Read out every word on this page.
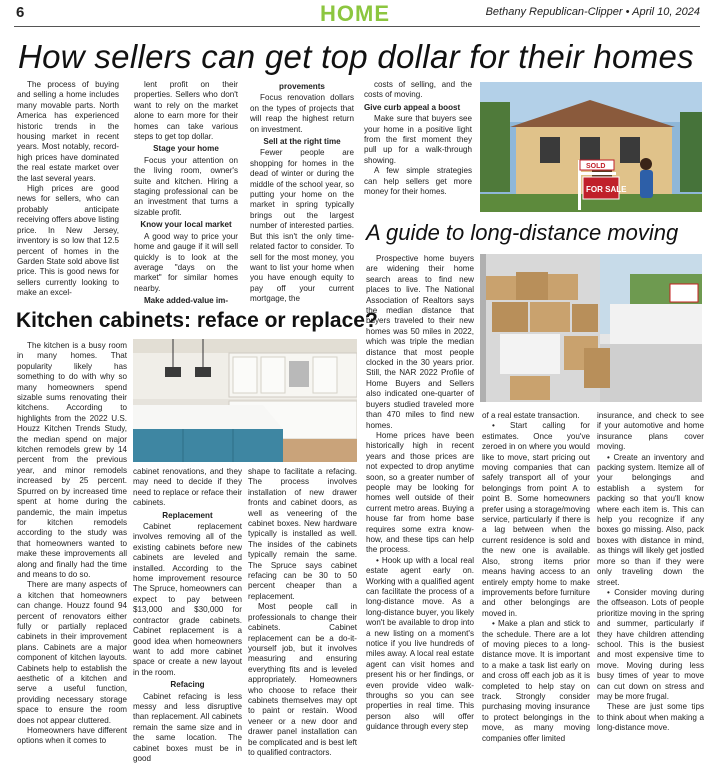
6	HOME	Bethany Republican-Clipper • April 10, 2024
How sellers can get top dollar for their homes

The process of buying and selling a home includes many movable parts. North America has experienced historic trends in the housing market in recent years. Most notably, record-high prices have dominated the real estate market over the last several years.

High prices are good news for sellers, who can probably anticipate receiving offers above listing price. In New Jersey, inventory is so low that 12.5 percent of homes in the Garden State sold above list price. This is good news for sellers currently looking to make an excel-

lent profit on their properties. Sellers who don't want to rely on the market alone to earn more for their homes can take various steps to get top dollar.

Stage your home

Focus your attention on the living room, owner's suite and kitchen. Hiring a staging professional can be an investment that turns a sizable profit.

Know your local market

A good way to price your home and gauge if it will sell quickly is to look at the average "days on the market" for similar homes nearby.

Make added-value im-

provements

Focus renovation dollars on the types of projects that will reap the highest return on investment.

Sell at the right time

Fewer people are shopping for homes in the dead of winter or during the middle of the school year, so putting your home on the market in spring typically brings out the largest number of interested parties. But this isn't the only time-related factor to consider. To sell for the most money, you want to list your home when you have enough equity to pay off your current mortgage, the

costs of selling, and the costs of moving.

Give curb appeal a boost

Make sure that buyers see your home in a positive light from the first moment they pull up for a walk-through showing.

A few simple strategies can help sellers get more money for their homes.

SOLD
FOR SALE
A guide to long-distance moving

Prospective home buyers are widening their home search areas to find new places to live. The National Association of Realtors says the median distance that buyers traveled to their new homes was 50 miles in 2022, which was triple the median distance that most people clocked in the 30 years prior. Still, the NAR 2022 Profile of Home Buyers and Sellers also indicated one-quarter of buyers studied traveled more than 470 miles to find new homes.

Home prices have been historically high in recent years and those prices are not expected to drop anytime soon, so a greater number of people may be looking for homes well outside of their current metro areas. Buying a house far from home base requires some extra know-how, and these tips can help the process.

• Hook up with a local real estate agent early on. Working with a qualified agent can facilitate the process of a long-distance move. As a long-distance buyer, you likely won't be available to drop into a new listing on a moment's notice if you live hundreds of miles away. A local real estate agent can visit homes and present his or her findings, or even provide video walk-throughs so you can see properties in real time. This person also will offer guidance through every step

of a real estate transaction.

• Start calling for estimates. Once you've zeroed in on where you would like to move, start pricing out moving companies that can safely transport all of your belongings from point A to point B. Some homeowners prefer using a storage/moving service, particularly if there is a lag between when the current residence is sold and the new one is available. Also, strong items prior means having access to an entirely empty home to make improvements before furniture and other belongings are moved in.

• Make a plan and stick to the schedule. There are a lot of moving pieces to a long-distance move. It is important to a make a task list early on and cross off each job as it is completed to help stay on track. Strongly consider purchasing moving insurance to protect belongings in the move, as many moving companies offer limited

insurance, and check to see if your automotive and home insurance plans cover moving.

• Create an inventory and packing system. Itemize all of your belongings and establish a system for packing so that you'll know where each item is. This can help you recognize if any boxes go missing. Also, pack boxes with distance in mind, as things will likely get jostled more so than if they were only traveling down the street.

• Consider moving during the offseason. Lots of people prioritize moving in the spring and summer, particularly if they have children attending school. This is the busiest and most expensive time to move. Moving during less busy times of year to move can cut down on stress and may be more frugal.

These are just some tips to think about when making a long-distance move.

Kitchen cabinets: reface or replace?

The kitchen is a busy room in many homes. That popularity likely has something to do with why so many homeowners spend sizable sums renovating their kitchens. According to highlights from the 2022 U.S. Houzz Kitchen Trends Study, the median spend on major kitchen remodels grew by 14 percent from the previous year, and minor remodels increased by 25 percent. Spurred on by increased time spent at home during the pandemic, the main impetus for kitchen remodels according to the study was that homeowners wanted to make these improvements all along and finally had the time and means to do so.

There are many aspects of a kitchen that homeowners can change. Houzz found 94 percent of renovators either fully or partially replaced cabinets in their improvement plans. Cabinets are a major component of kitchen layouts. Cabinets help to establish the aesthetic of a kitchen and serve a useful function, providing necessary storage space to ensure the room does not appear cluttered.

Homeowners have different options when it comes to

cabinet renovations, and they may need to decide if they need to replace or reface their cabinets.

Replacement

Cabinet replacement involves removing all of the existing cabinets before new cabinets are leveled and installed. According to the home improvement resource The Spruce, homeowners can expect to pay between $13,000 and $30,000 for contractor grade cabinets. Cabinet replacement is a good idea when homeowners want to add more cabinet space or create a new layout in the room.

Refacing

Cabinet refacing is less messy and less disruptive than replacement. All cabinets remain the same size and in the same location. The cabinet boxes must be in good

shape to facilitate a refacing. The process involves installation of new drawer fronts and cabinet doors, as well as veneering of the cabinet boxes. New hardware typically is installed as well. The insides of the cabinets typically remain the same. The Spruce says cabinet refacing can be 30 to 50 percent cheaper than a replacement.

Most people call in professionals to change their cabinets. Cabinet replacement can be a do-it-yourself job, but it involves measuring and ensuring everything fits and is leveled appropriately. Homeowners who choose to reface their cabinets themselves may opt to paint or restain. Wood veneer or a new door and drawer panel installation can be complicated and is best left to qualified contractors.
